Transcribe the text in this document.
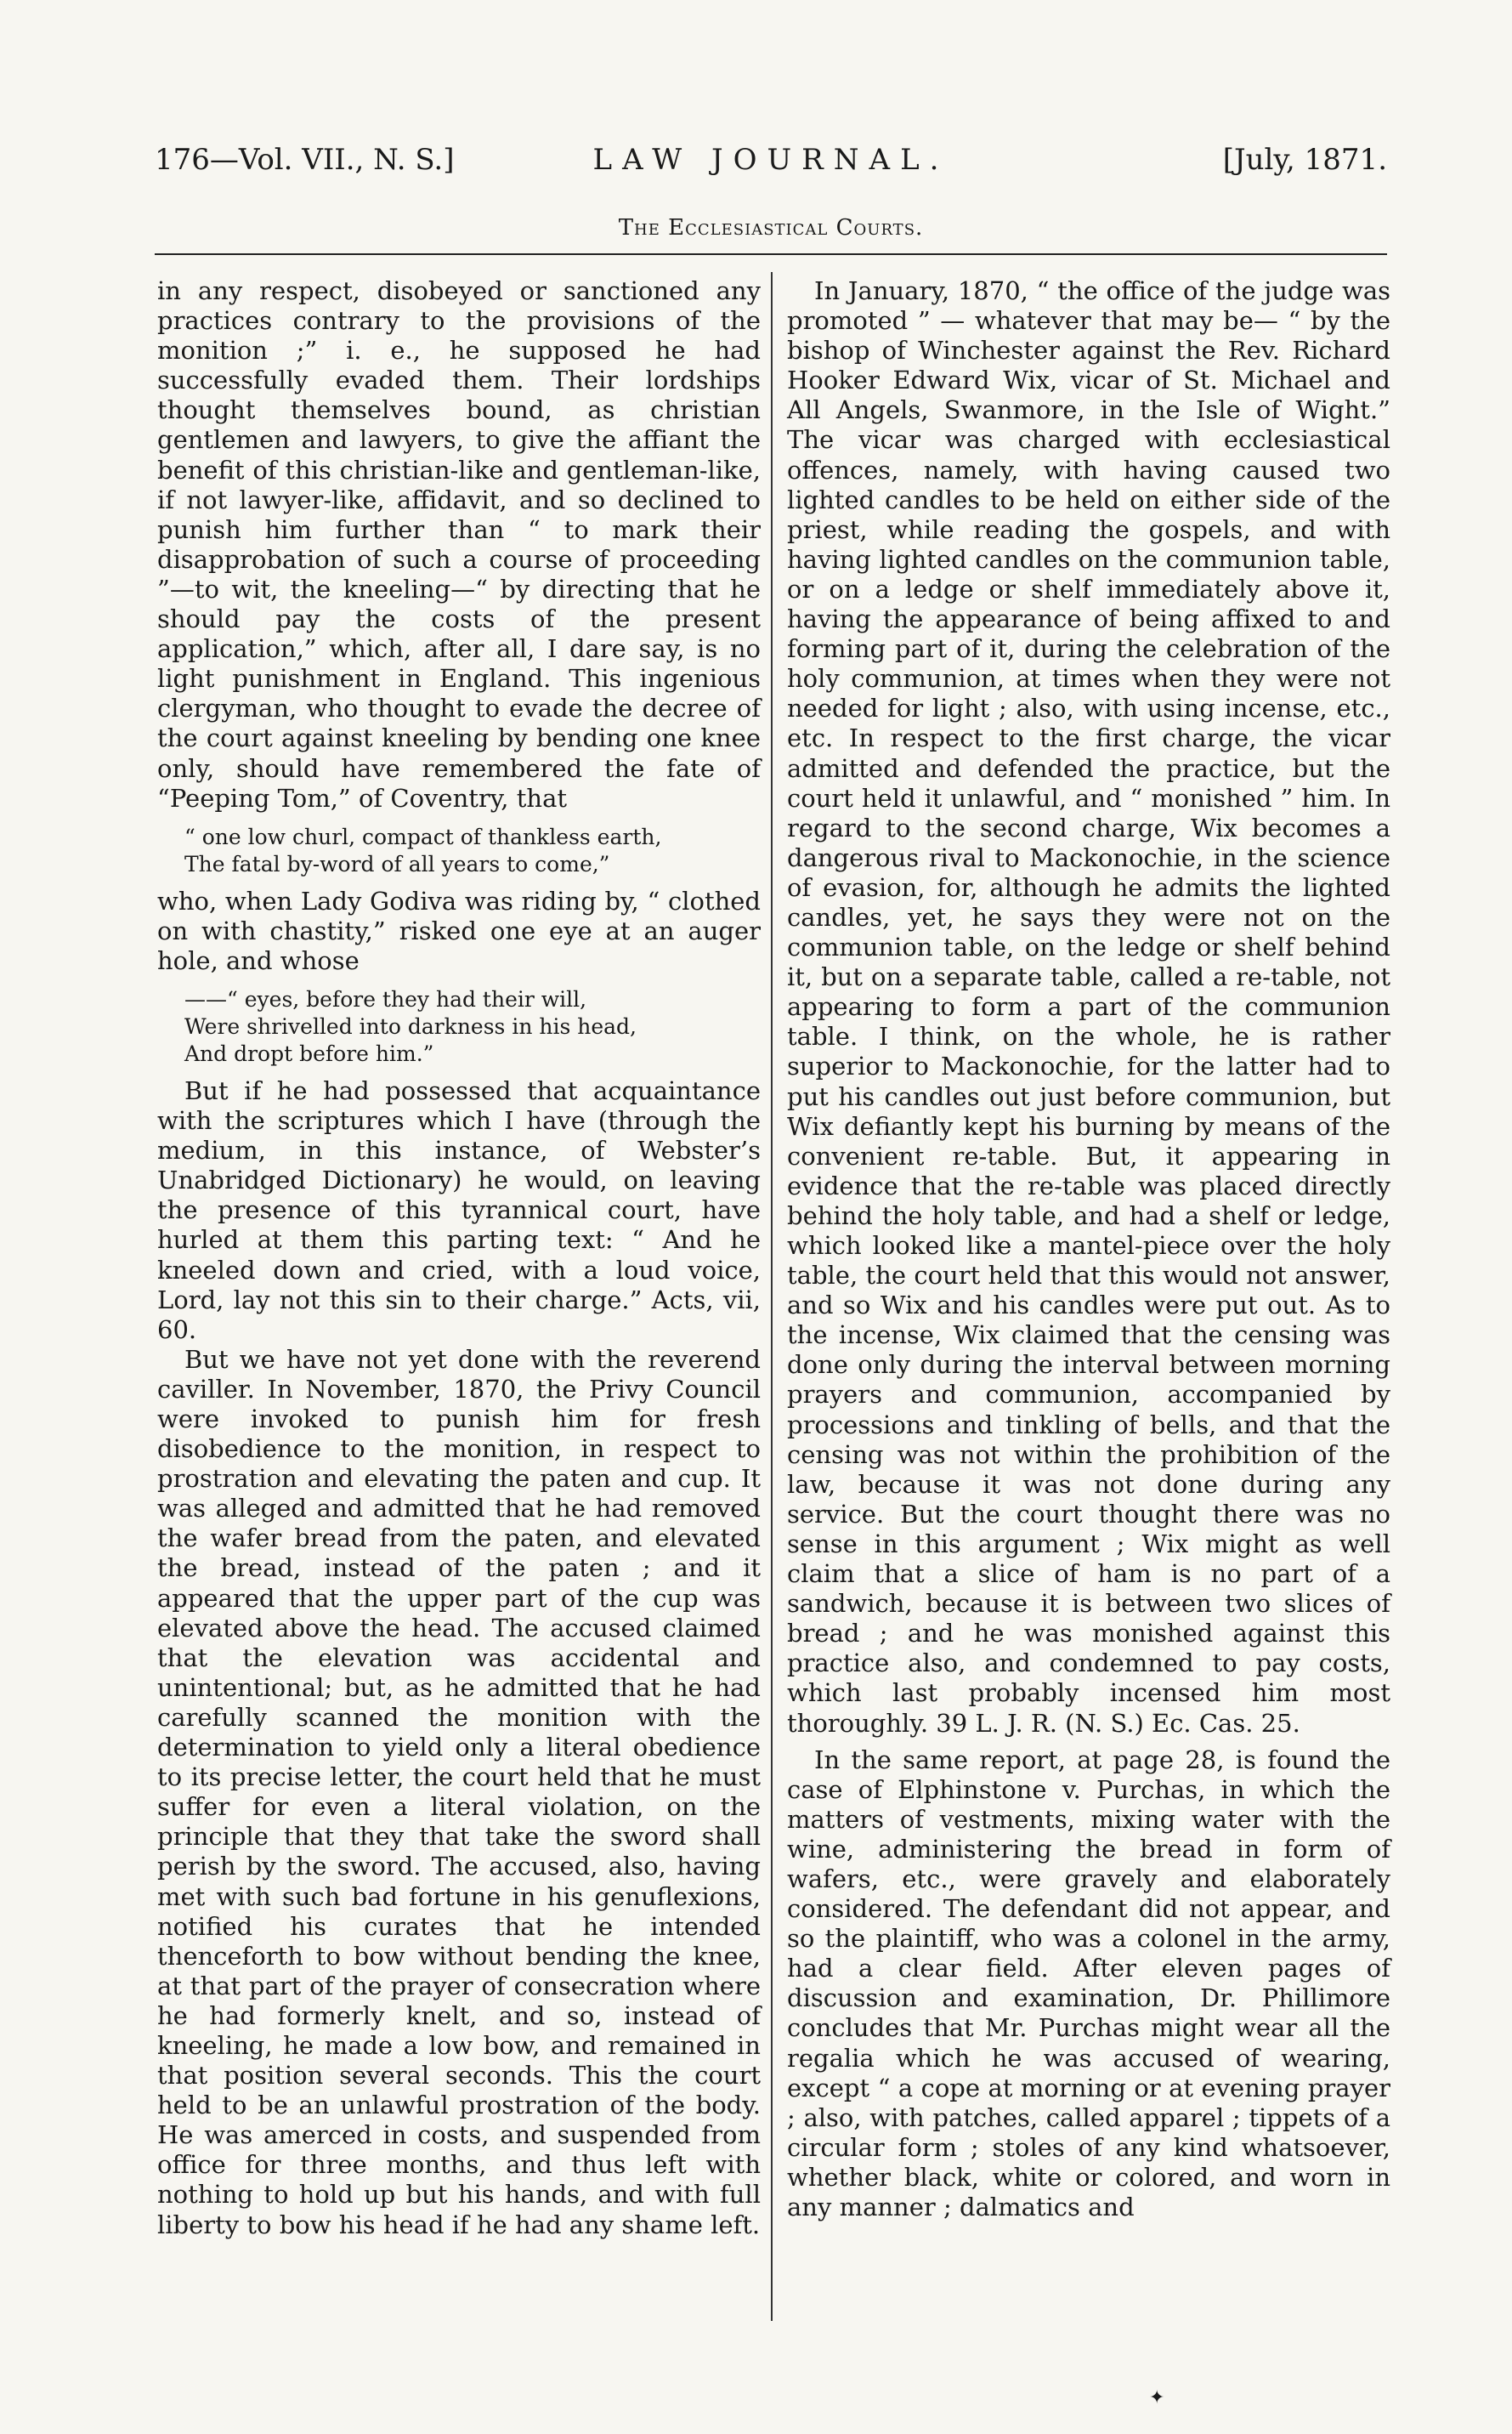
176—Vol. VII., N. S.]	LAW JOURNAL.	[July, 1871.
The Ecclesiastical Courts.

in any respect, disobeyed or sanctioned any practices contrary to the provisions of the monition ;” i. e., he supposed he had successfully evaded them. Their lordships thought themselves bound, as christian gentlemen and lawyers, to give the affiant the benefit of this christian-like and gentleman-like, if not lawyer-like, affidavit, and so declined to punish him further than “ to mark their disapprobation of such a course of proceeding ”—to wit, the kneeling—“ by directing that he should pay the costs of the present application,” which, after all, I dare say, is no light punishment in England. This ingenious clergyman, who thought to evade the decree of the court against kneeling by bending one knee only, should have remembered the fate of “Peeping Tom,” of Coventry, that

“ one low churl, compact of thankless earth,
The fatal by-word of all years to come,”

who, when Lady Godiva was riding by, “ clothed on with chastity,” risked one eye at an auger hole, and whose

——“ eyes, before they had their will,
Were shrivelled into darkness in his head,
And dropt before him.”

But if he had possessed that acquaintance with the scriptures which I have (through the medium, in this instance, of Webster’s Unabridged Dictionary) he would, on leaving the presence of this tyrannical court, have hurled at them this parting text: “ And he kneeled down and cried, with a loud voice, Lord, lay not this sin to their charge.” Acts, vii, 60.

But we have not yet done with the reverend caviller. In November, 1870, the Privy Council were invoked to punish him for fresh disobedience to the monition, in respect to prostration and elevating the paten and cup. It was alleged and admitted that he had removed the wafer bread from the paten, and elevated the bread, instead of the paten ; and it appeared that the upper part of the cup was elevated above the head. The accused claimed that the elevation was accidental and unintentional; but, as he admitted that he had carefully scanned the monition with the determination to yield only a literal obedience to its precise letter, the court held that he must suffer for even a literal violation, on the principle that they that take the sword shall perish by the sword. The accused, also, having met with such bad fortune in his genuflexions, notified his curates that he intended thenceforth to bow without bending the knee, at that part of the prayer of consecration where he had formerly knelt, and so, instead of kneeling, he made a low bow, and remained in that position several seconds. This the court held to be an unlawful prostration of the body. He was amerced in costs, and suspended from office for three months, and thus left with nothing to hold up but his hands, and with full liberty to bow his head if he had any shame left.

In January, 1870, “ the office of the judge was promoted ” — whatever that may be— “ by the bishop of Winchester against the Rev. Richard Hooker Edward Wix, vicar of St. Michael and All Angels, Swanmore, in the Isle of Wight.” The vicar was charged with ecclesiastical offences, namely, with having caused two lighted candles to be held on either side of the priest, while reading the gospels, and with having lighted candles on the communion table, or on a ledge or shelf immediately above it, having the appearance of being affixed to and forming part of it, during the celebration of the holy communion, at times when they were not needed for light ; also, with using incense, etc., etc. In respect to the first charge, the vicar admitted and defended the practice, but the court held it unlawful, and “ monished ” him. In regard to the second charge, Wix becomes a dangerous rival to Mackonochie, in the science of evasion, for, although he admits the lighted candles, yet, he says they were not on the communion table, on the ledge or shelf behind it, but on a separate table, called a re-table, not appearing to form a part of the communion table. I think, on the whole, he is rather superior to Mackonochie, for the latter had to put his candles out just before communion, but Wix defiantly kept his burning by means of the convenient re-table. But, it appearing in evidence that the re-table was placed directly behind the holy table, and had a shelf or ledge, which looked like a mantel-piece over the holy table, the court held that this would not answer, and so Wix and his candles were put out. As to the incense, Wix claimed that the censing was done only during the interval between morning prayers and communion, accompanied by processions and tinkling of bells, and that the censing was not within the prohibition of the law, because it was not done during any service. But the court thought there was no sense in this argument ; Wix might as well claim that a slice of ham is no part of a sandwich, because it is between two slices of bread ; and he was monished against this practice also, and condemned to pay costs, which last probably incensed him most thoroughly. 39 L. J. R. (N. S.) Ec. Cas. 25.

In the same report, at page 28, is found the case of Elphinstone v. Purchas, in which the matters of vestments, mixing water with the wine, administering the bread in form of wafers, etc., were gravely and elaborately considered. The defendant did not appear, and so the plaintiff, who was a colonel in the army, had a clear field. After eleven pages of discussion and examination, Dr. Phillimore concludes that Mr. Purchas might wear all the regalia which he was accused of wearing, except “ a cope at morning or at evening prayer ; also, with patches, called apparel ; tippets of a circular form ; stoles of any kind whatsoever, whether black, white or colored, and worn in any manner ; dalmatics and

✦
